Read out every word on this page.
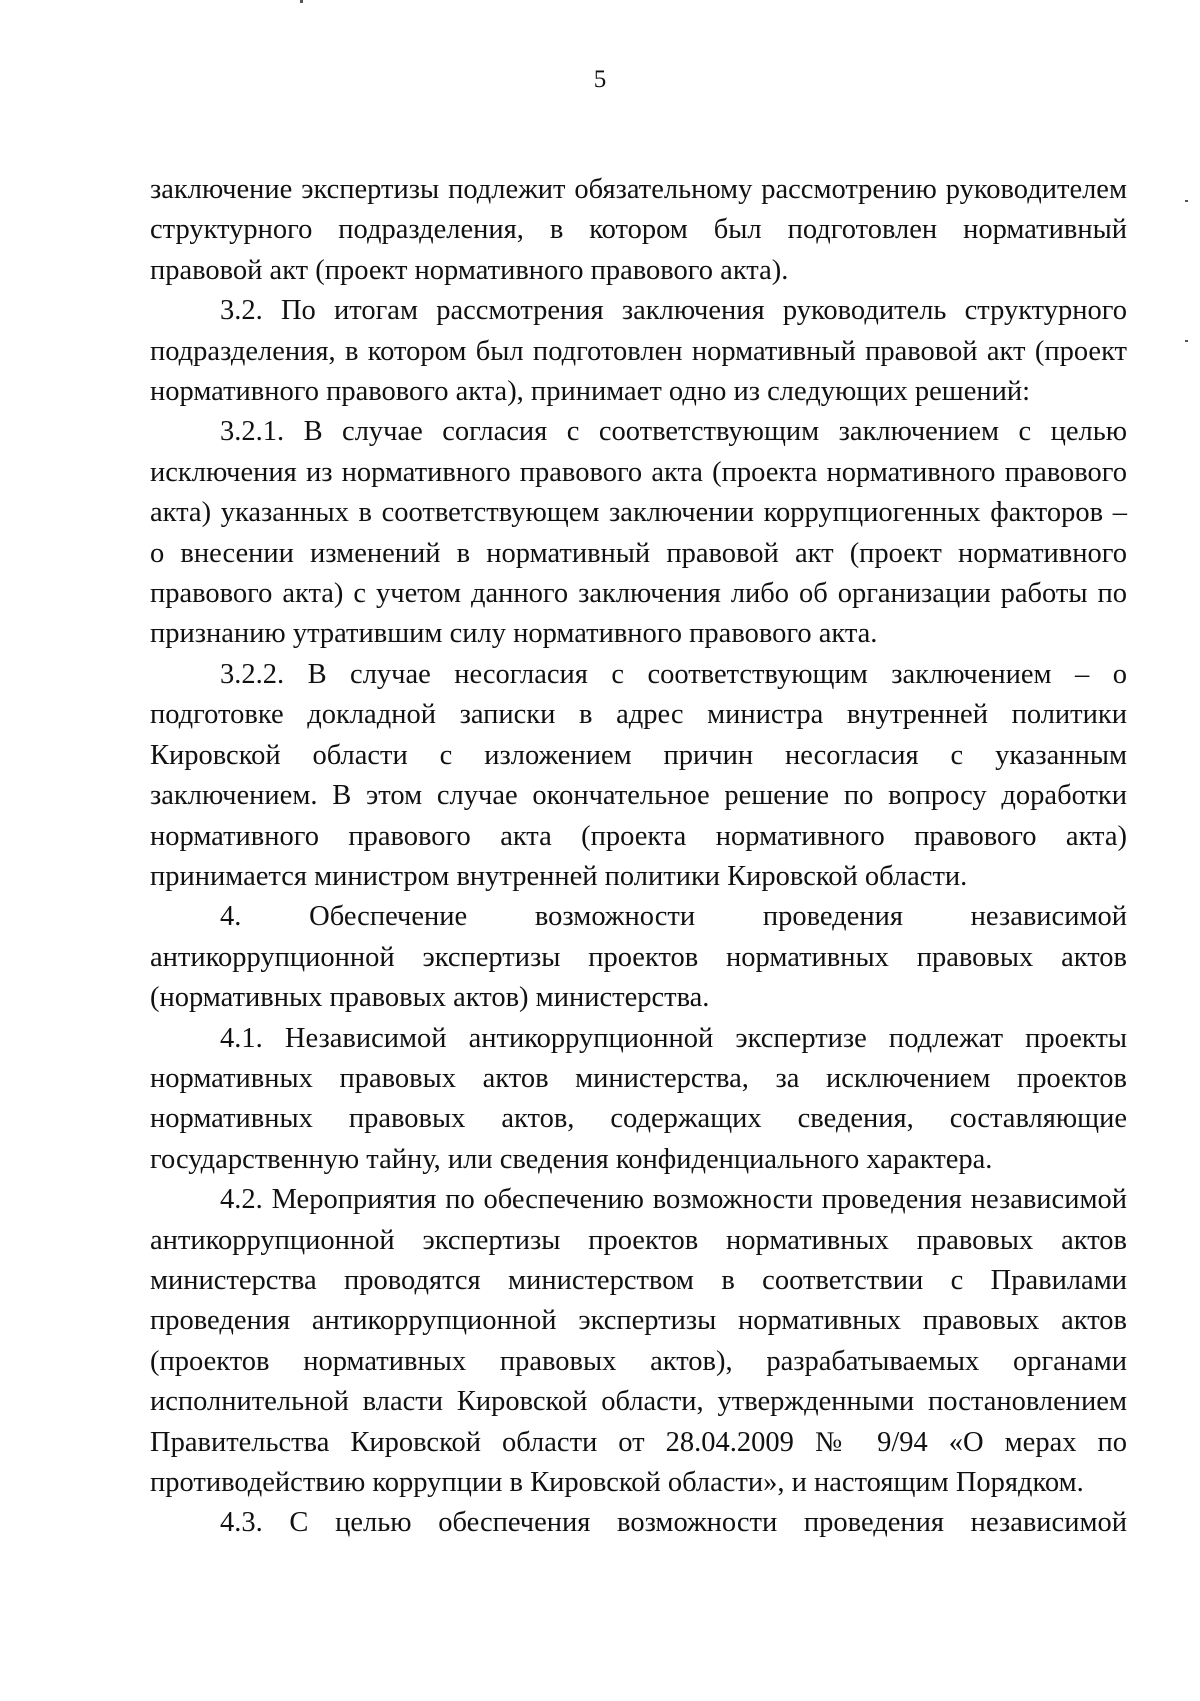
5

заключение экспертизы подлежит обязательному рассмотрению руководителем структурного подразделения, в котором был подготовлен нормативный правовой акт (проект нормативного правового акта).

3.2. По итогам рассмотрения заключения руководитель структурного подразделения, в котором был подготовлен нормативный правовой акт (проект нормативного правового акта), принимает одно из следующих решений:

3.2.1. В случае согласия с соответствующим заключением с целью исключения из нормативного правового акта (проекта нормативного правового акта) указанных в соответствующем заключении коррупциогенных факторов – о внесении изменений в нормативный правовой акт (проект нормативного правового акта) с учетом данного заключения либо об организации работы по признанию утратившим силу нормативного правового акта.

3.2.2. В случае несогласия с соответствующим заключением – о подготовке докладной записки в адрес министра внутренней политики Кировской области с изложением причин несогласия с указанным заключением. В этом случае окончательное решение по вопросу доработки нормативного правового акта (проекта нормативного правового акта) принимается министром внутренней политики Кировской области.

4. Обеспечение возможности проведения независимой антикоррупционной экспертизы проектов нормативных правовых актов (нормативных правовых актов) министерства.

4.1. Независимой антикоррупционной экспертизе подлежат проекты нормативных правовых актов министерства, за исключением проектов нормативных правовых актов, содержащих сведения, составляющие государственную тайну, или сведения конфиденциального характера.

4.2. Мероприятия по обеспечению возможности проведения независимой антикоррупционной экспертизы проектов нормативных правовых актов министерства проводятся министерством в соответствии с Правилами проведения антикоррупционной экспертизы нормативных правовых актов (проектов нормативных правовых актов), разрабатываемых органами исполнительной власти Кировской области, утвержденными постановлением Правительства Кировской области от 28.04.2009 № 9/94 «О мерах по противодействию коррупции в Кировской области», и настоящим Порядком.

4.3. С целью обеспечения возможности проведения независимой
